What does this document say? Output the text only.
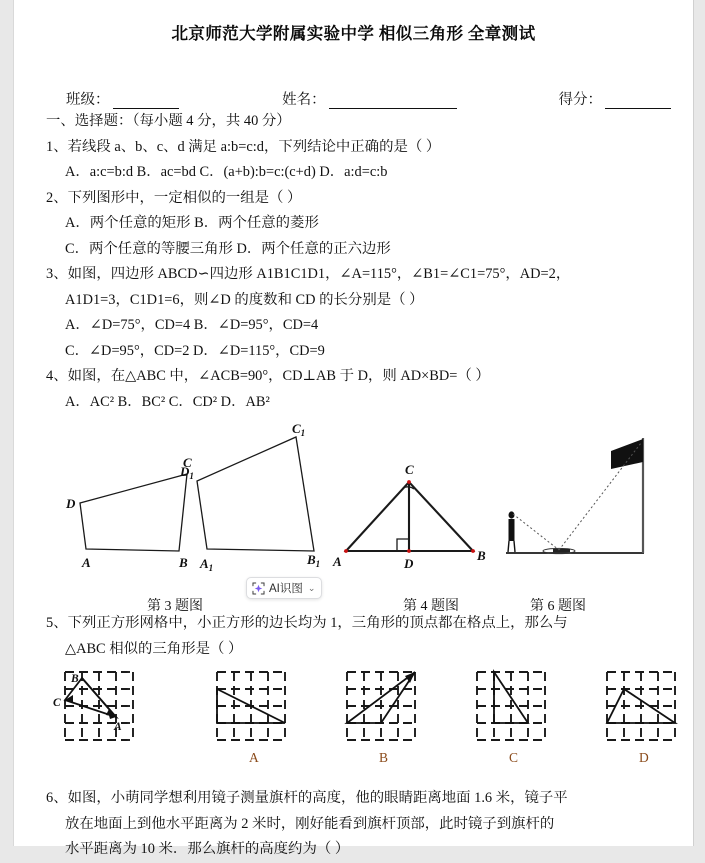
北京师范大学附属实验中学 相似三角形 全章测试
班级：	姓名：	得分：
一、选择题：（每小题 4 分，共 40 分）
1、若线段 a、b、c、d 满足 a:b=c:d，下列结论中正确的是（ ）
A．a:c=b:d B．ac=bd C．(a+b):b=c:(c+d) D．a:d=c:b
2、下列图形中，一定相似的一组是（ ）
A．两个任意的矩形 B．两个任意的菱形
C．两个任意的等腰三角形 D．两个任意的正六边形
3、如图，四边形 ABCD∽四边形 A1B1C1D1，∠A=115°，∠B1=∠C1=75°，AD=2，
A1D1=3，C1D1=6，则∠D 的度数和 CD 的长分别是（ ）
A．∠D=75°，CD=4 B．∠D=95°，CD=4
C．∠D=95°，CD=2 D．∠D=115°，CD=9
4、如图，在△ABC 中，∠ACB=90°，CD⊥AB 于 D，则 AD×BD=（ ）
A．AC² B．BC² C．CD² D．AB²
D
C
A	B
$D_1$
$C_1$
$A_1$
$B_1$ A
C
D
B
第 3 题图	第 4 题图	第 6 题图
5、下列正方形网格中，小正方形的边长均为 1，三角形的顶点都在格点上，那么与
△ABC 相似的三角形是（ ）
B
C
A
A	B	C	D
6、如图，小萌同学想利用镜子测量旗杆的高度，他的眼睛距离地面 1.6 米，镜子平
放在地面上到他水平距离为 2 米时，刚好能看到旗杆顶部，此时镜子到旗杆的
水平距离为 10 米．那么旗杆的高度约为（ ）
AI识图 ⌄
